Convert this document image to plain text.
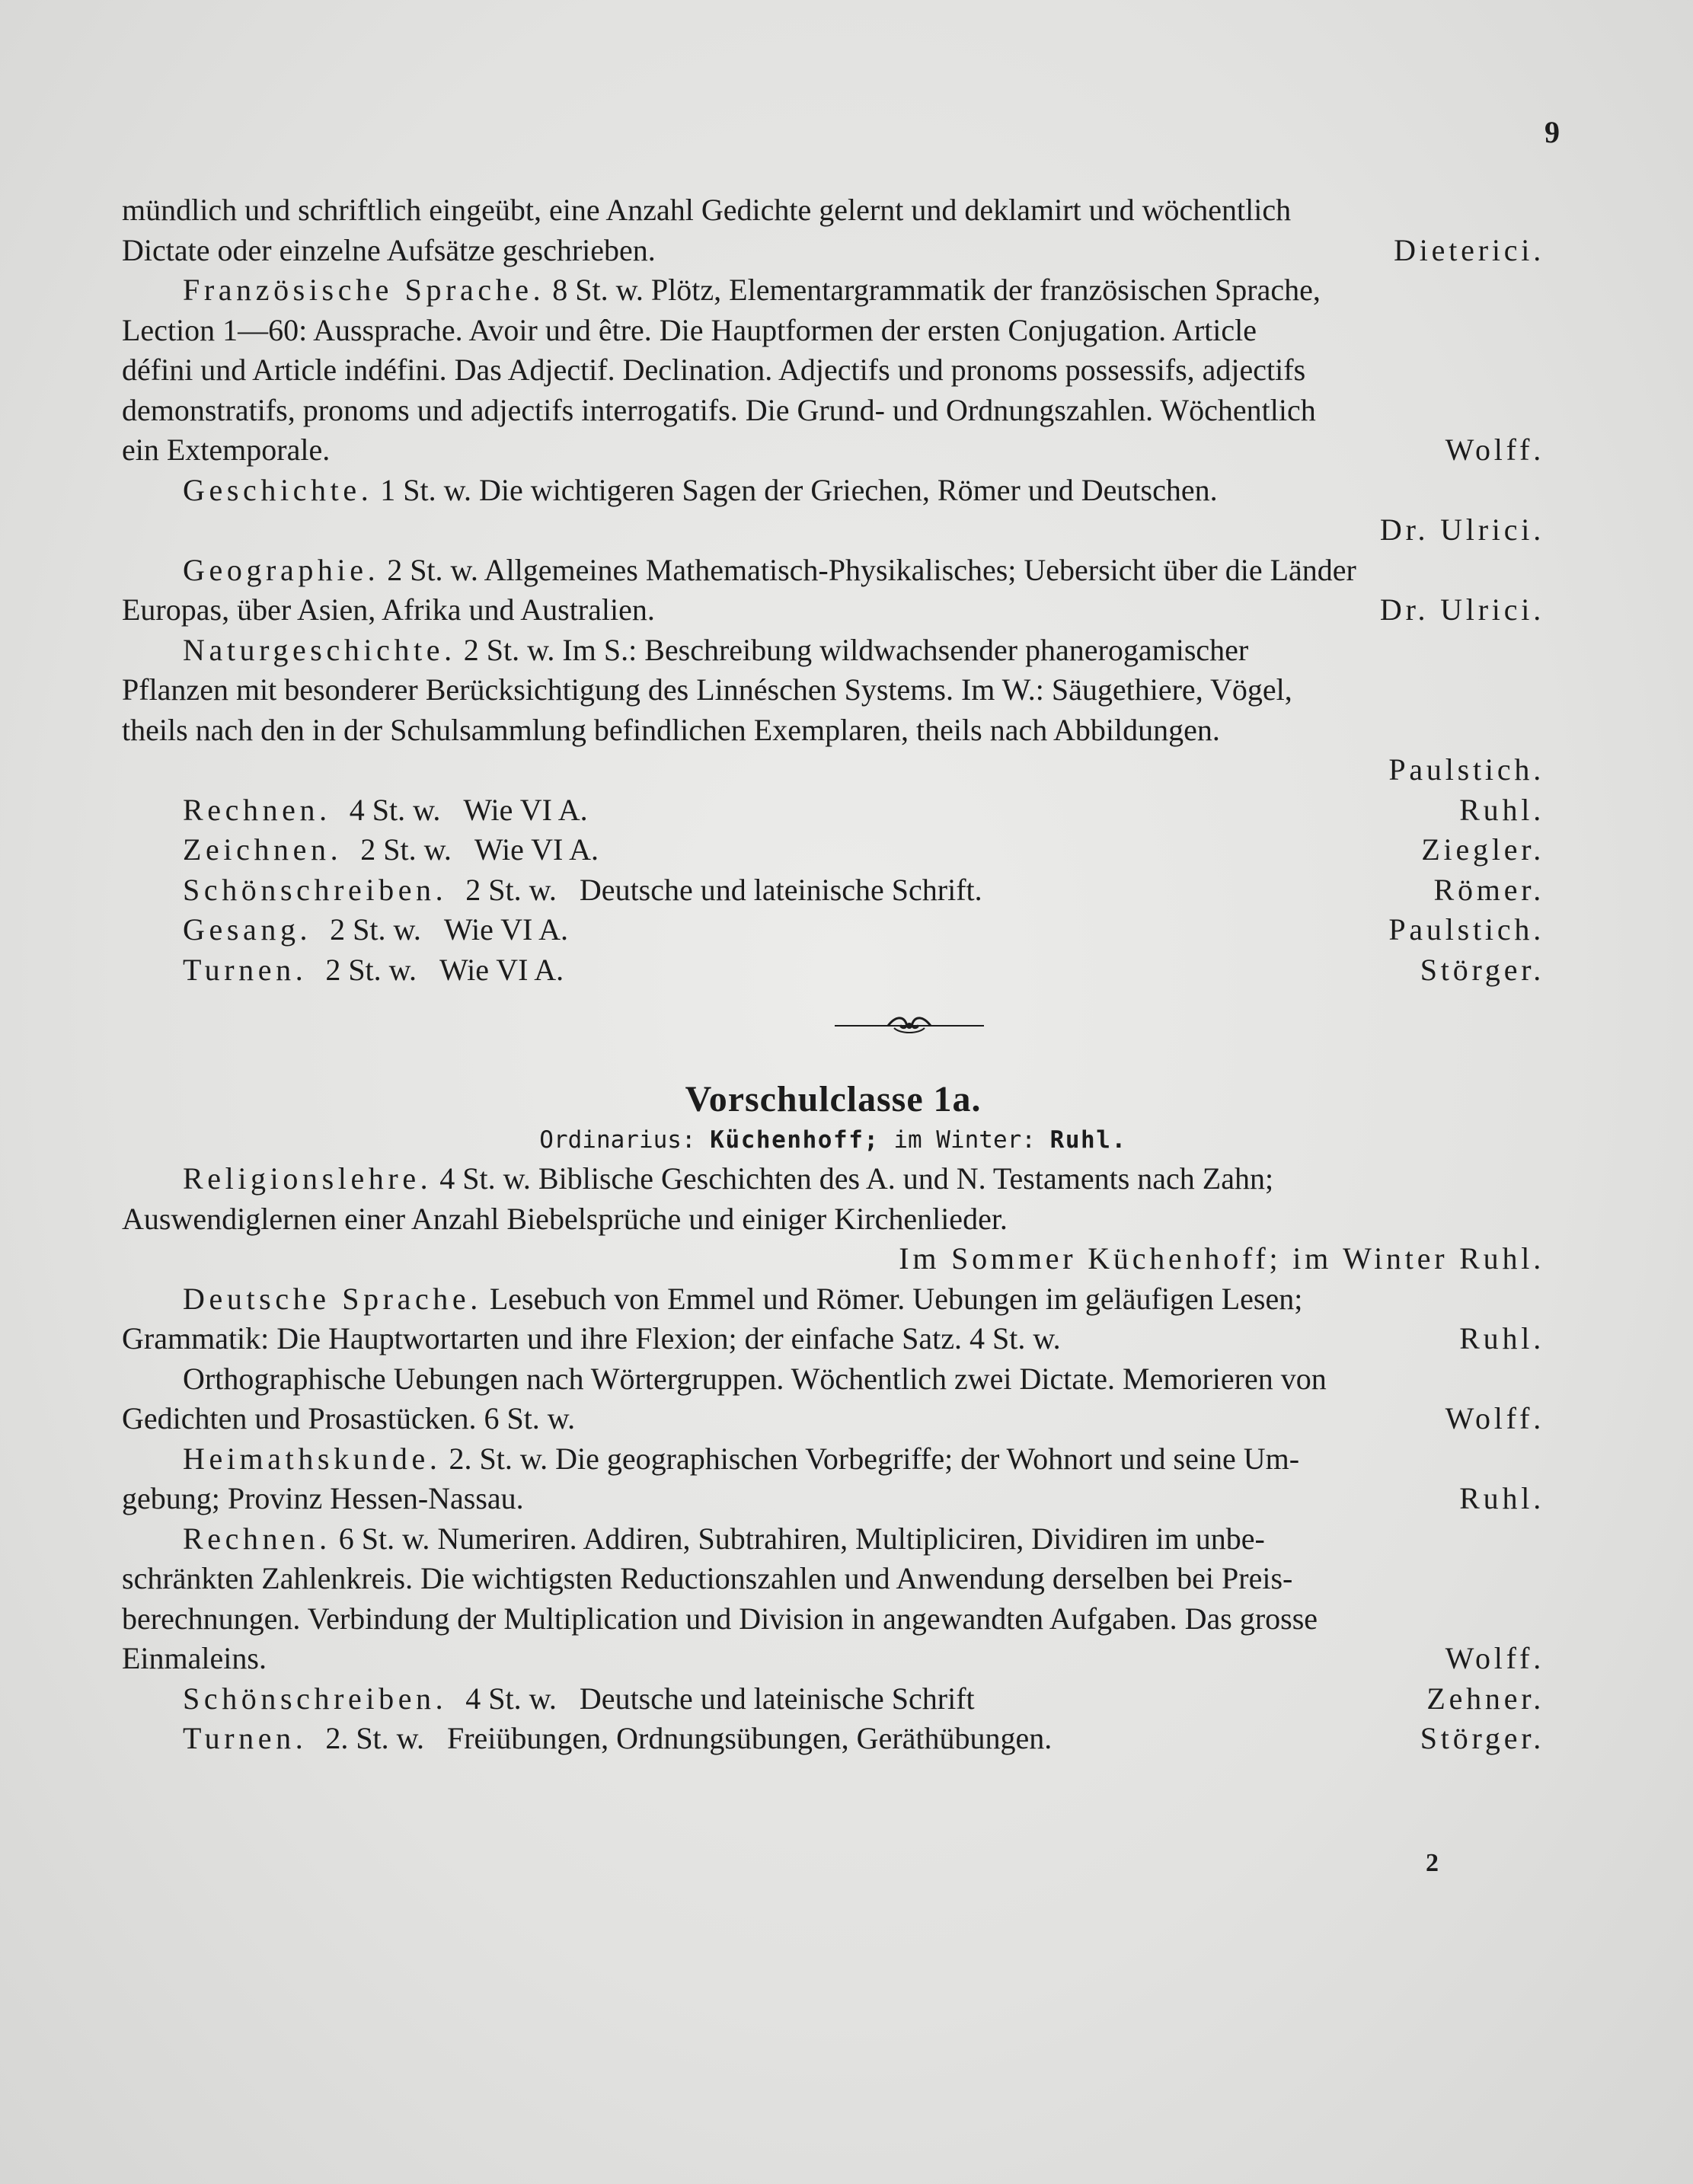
9

mündlich und schriftlich eingeübt, eine Anzahl Gedichte gelernt und deklamirt und wöchentlich
Dictate oder einzelne Aufsätze geschrieben.	Dieterici.

Französische Sprache. 8 St. w. Plötz, Elementargrammatik der französischen Sprache,
Lection 1—60: Aussprache. Avoir und être. Die Hauptformen der ersten Conjugation. Article
défini und Article indéfini. Das Adjectif. Declination. Adjectifs und pronoms possessifs, adjectifs
demonstratifs, pronoms und adjectifs interrogatifs. Die Grund- und Ordnungszahlen. Wöchentlich
ein Extemporale.	Wolff.

Geschichte. 1 St. w. Die wichtigeren Sagen der Griechen, Römer und Deutschen.

Dr. Ulrici.

Geographie. 2 St. w. Allgemeines Mathematisch-Physikalisches; Uebersicht über die Länder
Europas, über Asien, Afrika und Australien.	Dr. Ulrici.

Naturgeschichte. 2 St. w. Im S.: Beschreibung wildwachsender phanerogamischer
Pflanzen mit besonderer Berücksichtigung des Linnéschen Systems. Im W.: Säugethiere, Vögel,
theils nach den in der Schulsammlung befindlichen Exemplaren, theils nach Abbildungen.

Paulstich.

Rechnen. 4 St. w. Wie VI A.	Ruhl.
Zeichnen. 2 St. w. Wie VI A.	Ziegler.
Schönschreiben. 2 St. w. Deutsche und lateinische Schrift.	Römer.
Gesang. 2 St. w. Wie VI A.	Paulstich.
Turnen. 2 St. w. Wie VI A.	Störger.
Vorschulclasse 1a.
Ordinarius: Küchenhoff; im Winter: Ruhl.

Religionslehre. 4 St. w. Biblische Geschichten des A. und N. Testaments nach Zahn;
Auswendiglernen einer Anzahl Biebelsprüche und einiger Kirchenlieder.

Im Sommer Küchenhoff; im Winter Ruhl.

Deutsche Sprache. Lesebuch von Emmel und Römer. Uebungen im geläufigen Lesen;
Grammatik: Die Hauptwortarten und ihre Flexion; der einfache Satz. 4 St. w.	Ruhl.

Orthographische Uebungen nach Wörtergruppen. Wöchentlich zwei Dictate. Memorieren von
Gedichten und Prosastücken. 6 St. w.	Wolff.

Heimathskunde. 2. St. w. Die geographischen Vorbegriffe; der Wohnort und seine Um-
gebung; Provinz Hessen-Nassau.	Ruhl.

Rechnen. 6 St. w. Numeriren. Addiren, Subtrahiren, Multipliciren, Dividiren im unbe-
schränkten Zahlenkreis. Die wichtigsten Reductionszahlen und Anwendung derselben bei Preis-
berechnungen. Verbindung der Multiplication und Division in angewandten Aufgaben. Das grosse
Einmaleins.	Wolff.

Schönschreiben. 4 St. w. Deutsche und lateinische Schrift	Zehner.
Turnen. 2. St. w. Freiübungen, Ordnungsübungen, Geräthübungen.	Störger.
2
